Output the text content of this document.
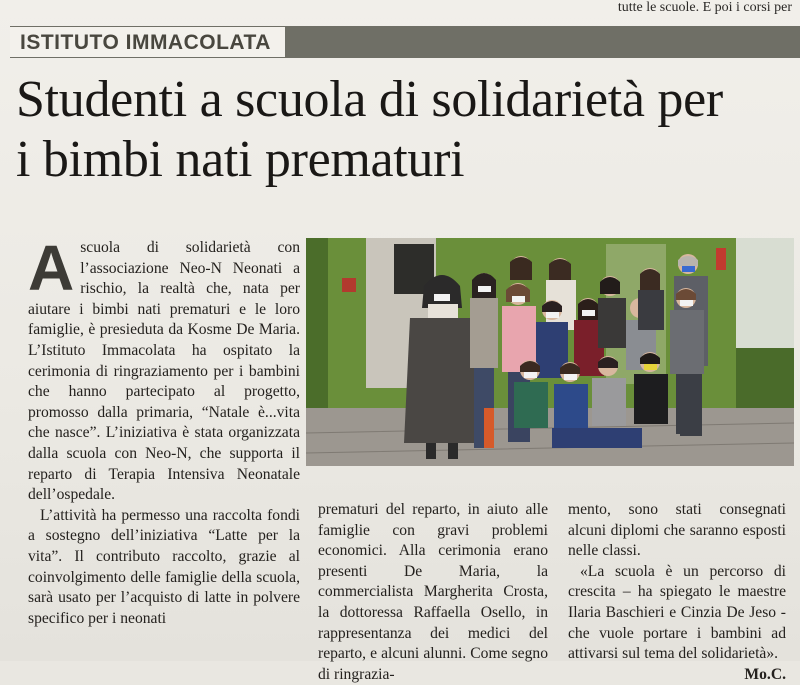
tutte le scuole. E poi i corsi per
ISTITUTO IMMACOLATA
Studenti a scuola di solidarietà per i bimbi nati prematuri

A scuola di solidarietà con l’associazione Neo-N Neonati a rischio, la realtà che, nata per aiutare i bimbi nati prematuri e le loro famiglie, è presieduta da Kosme De Maria. L’Istituto Immacolata ha ospitato la cerimonia di ringraziamento per i bambini che hanno partecipato al progetto, promosso dalla primaria, “Natale è...vita che nasce”. L’iniziativa è stata organizzata dalla scuola con Neo-N, che supporta il reparto di Terapia Intensiva Neonatale dell’ospedale.

L’attività ha permesso una raccolta fondi a sostegno dell’iniziativa “Latte per la vita”. Il contributo raccolto, grazie al coinvolgimento delle famiglie della scuola, sarà usato per l’acquisto di latte in polvere specifico per i neonati

prematuri del reparto, in aiuto alle famiglie con gravi problemi economici. Alla cerimonia erano presenti De Maria, la commercialista Margherita Crosta, la dottoressa Raffaella Osello, in rappresentanza dei medici del reparto, e alcuni alunni. Come segno di ringrazia-

mento, sono stati consegnati alcuni diplomi che saranno esposti nelle classi.

«La scuola è un percorso di crescita – ha spiegato le maestre Ilaria Baschieri e Cinzia De Jeso - che vuole portare i bambini ad attivarsi sul tema del solidarietà».

Mo.C.
